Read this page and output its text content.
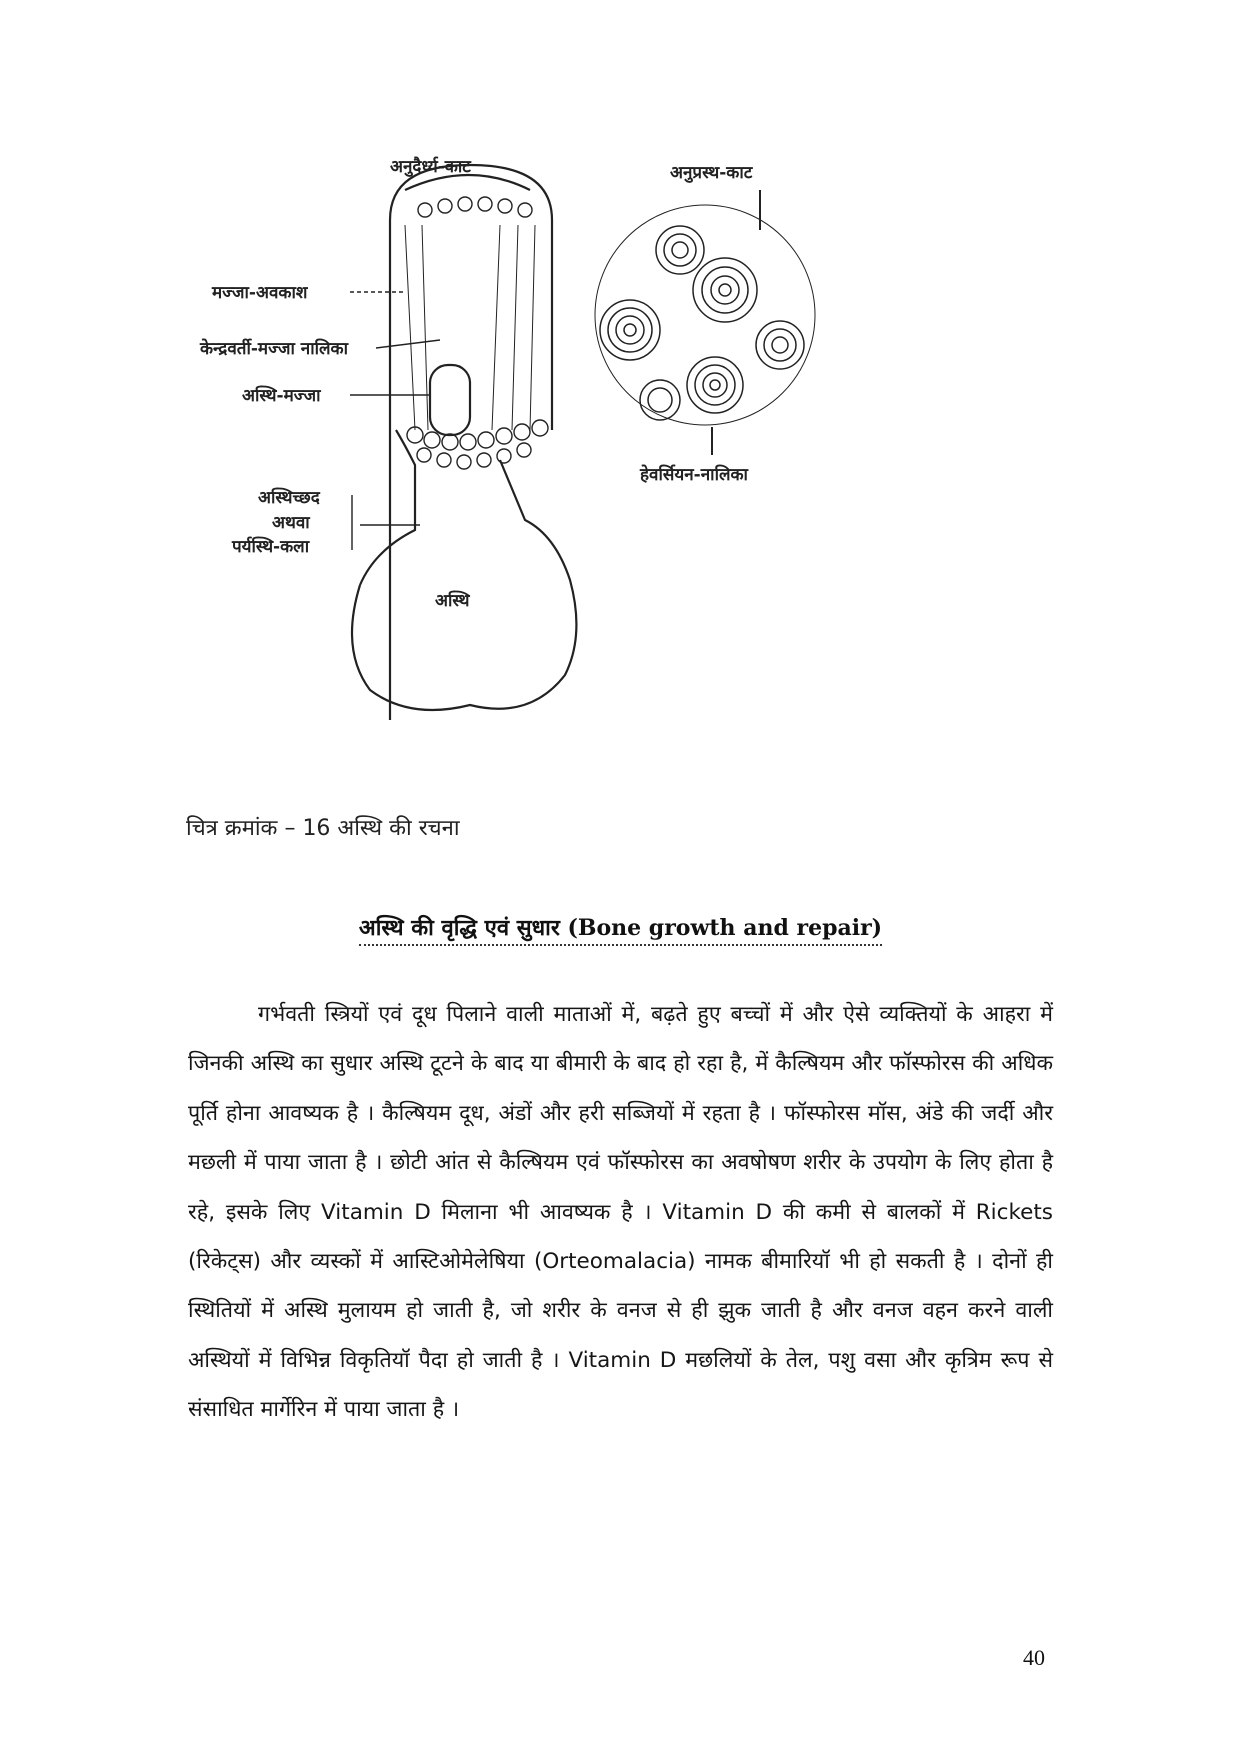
अनुदैर्ध्य-काट	अनुप्रस्थ-काट
मज्जा-अवकाश
केन्द्रवर्ती-मज्जा नालिका
अस्थि-मज्जा
अस्थिच्छद
अथवा
पर्यस्थि-कला
अस्थि
हेवर्सियन-नालिका
चित्र क्रमांक – 16 अस्थि की रचना
अस्थि की वृद्धि एवं सुधार (Bone growth and repair)
गर्भवती स्त्रियों एवं दूध पिलाने वाली माताओं में, बढ़ते हुए बच्चों में और ऐसे व्यक्तियों के आहरा में जिनकी अस्थि का सुधार अस्थि टूटने के बाद या बीमारी के बाद हो रहा है, में कैल्षियम और फॉस्फोरस की अधिक पूर्ति होना आवष्यक है । कैल्षियम दूध, अंडों और हरी सब्जियों में रहता है । फॉस्फोरस मॉस, अंडे की जर्दी और मछली में पाया जाता है । छोटी आंत से कैल्षियम एवं फॉस्फोरस का अवषोषण शरीर के उपयोग के लिए होता है रहे, इसके लिए Vitamin D मिलाना भी आवष्यक है । Vitamin D की कमी से बालकों में Rickets (रिकेट्स) और व्यस्कों में आस्टिओमेलेषिया (Orteomalacia) नामक बीमारियॉ भी हो सकती है । दोनों ही स्थितियों में अस्थि मुलायम हो जाती है, जो शरीर के वनज से ही झुक जाती है और वनज वहन करने वाली अस्थियों में विभिन्न विकृतियॉ पैदा हो जाती है । Vitamin D मछलियों के तेल, पशु वसा और कृत्रिम रूप से संसाधित मार्गेरिन में पाया जाता है ।
40
